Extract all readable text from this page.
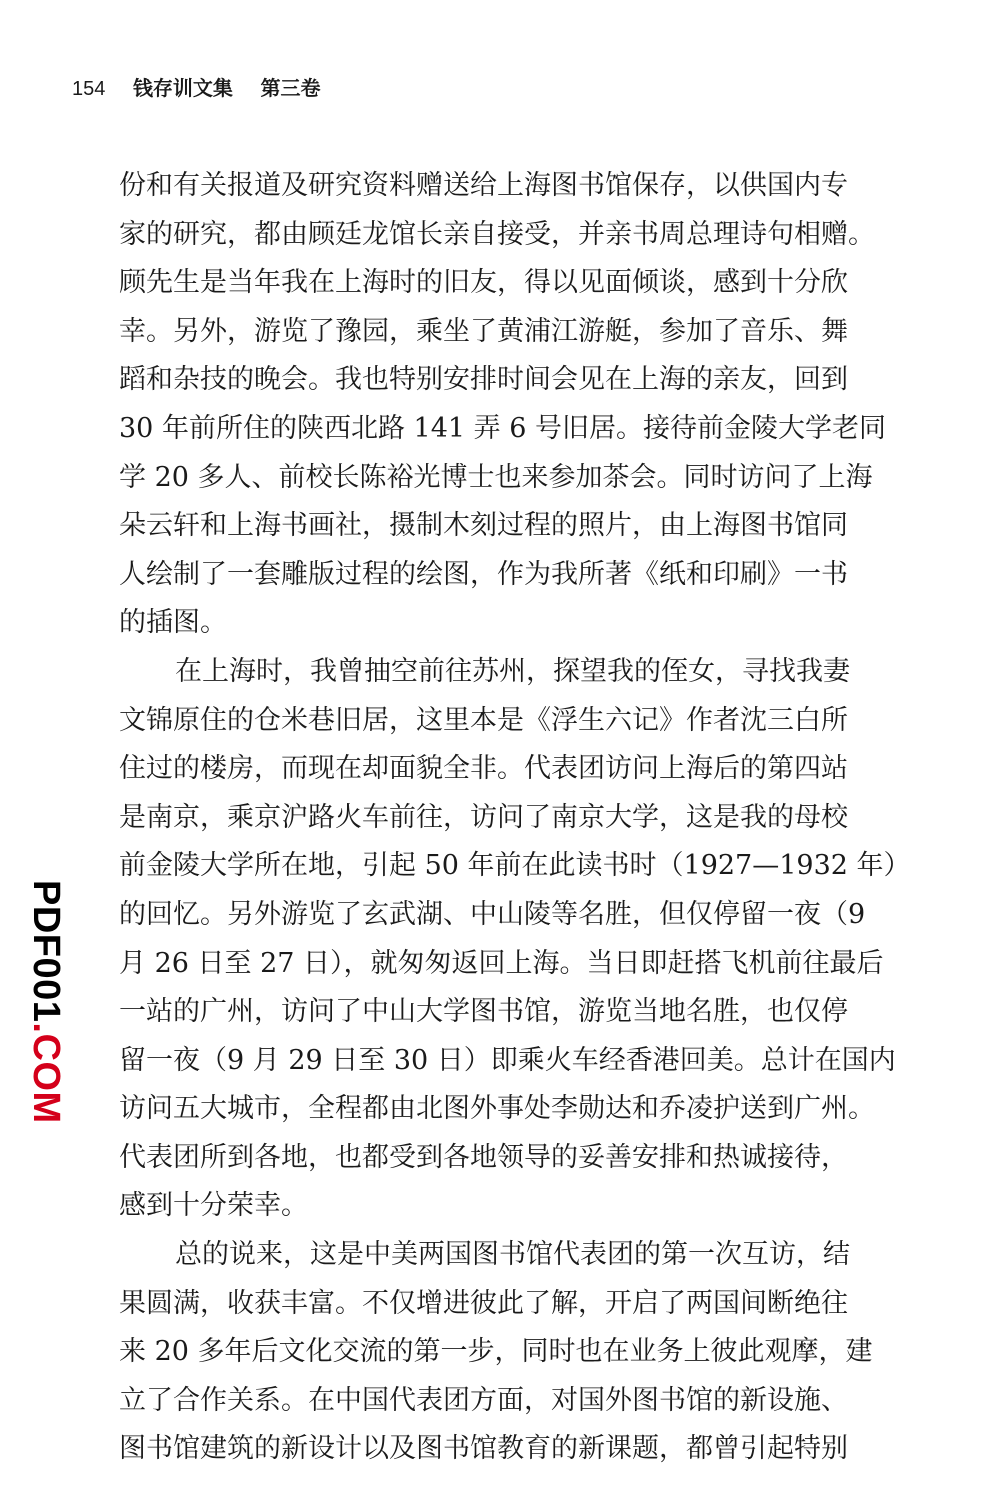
154 钱存训文集 第三卷
份和有关报道及研究资料赠送给上海图书馆保存，以供国内专
家的研究，都由顾廷龙馆长亲自接受，并亲书周总理诗句相赠。
顾先生是当年我在上海时的旧友，得以见面倾谈，感到十分欣
幸。另外，游览了豫园，乘坐了黄浦江游艇，参加了音乐、舞
蹈和杂技的晚会。我也特别安排时间会见在上海的亲友，回到
30 年前所住的陕西北路 141 弄 6 号旧居。接待前金陵大学老同
学 20 多人、前校长陈裕光博士也来参加茶会。同时访问了上海
朵云轩和上海书画社，摄制木刻过程的照片，由上海图书馆同
人绘制了一套雕版过程的绘图，作为我所著《纸和印刷》一书
的插图。
在上海时，我曾抽空前往苏州，探望我的侄女，寻找我妻
文锦原住的仓米巷旧居，这里本是《浮生六记》作者沈三白所
住过的楼房，而现在却面貌全非。代表团访问上海后的第四站
是南京，乘京沪路火车前往，访问了南京大学，这是我的母校
前金陵大学所在地，引起 50 年前在此读书时（1927—1932 年）
的回忆。另外游览了玄武湖、中山陵等名胜，但仅停留一夜（9
月 26 日至 27 日），就匆匆返回上海。当日即赶搭飞机前往最后
一站的广州，访问了中山大学图书馆，游览当地名胜，也仅停
留一夜（9 月 29 日至 30 日）即乘火车经香港回美。总计在国内
访问五大城市，全程都由北图外事处李勋达和乔凌护送到广州。
代表团所到各地，也都受到各地领导的妥善安排和热诚接待，
感到十分荣幸。
总的说来，这是中美两国图书馆代表团的第一次互访，结
果圆满，收获丰富。不仅增进彼此了解，开启了两国间断绝往
来 20 多年后文化交流的第一步，同时也在业务上彼此观摩，建
立了合作关系。在中国代表团方面，对国外图书馆的新设施、
图书馆建筑的新设计以及图书馆教育的新课题，都曾引起特别
PDF001.COM
